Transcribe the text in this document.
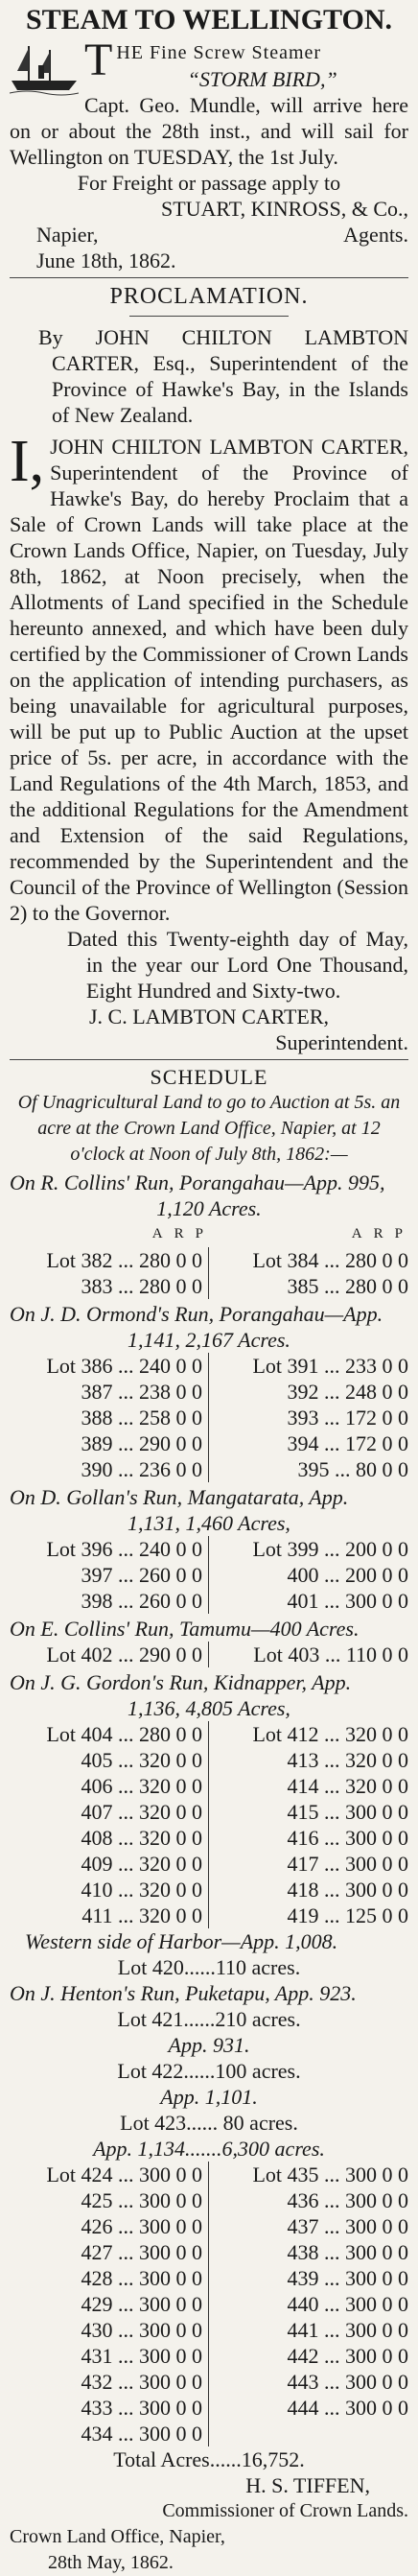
STEAM TO WELLINGTON.
T HE Fine Screw Steamer
“STORM BIRD,”

Capt. Geo. Mundle, will arrive here on or about the 28th inst., and will sail for Wellington on TUESDAY, the 1st July.

For Freight or passage apply to
STUART, KINROSS, & Co.,
Napier,	Agents.
June 18th, 1862.
PROCLAMATION.

By JOHN CHILTON LAMBTON CARTER, Esq., Superintendent of the Province of Hawke's Bay, in the Islands of New Zealand.

I, JOHN CHILTON LAMBTON CARTER, Superintendent of the Province of Hawke's Bay, do hereby Proclaim that a Sale of Crown Lands will take place at the Crown Lands Office, Napier, on Tuesday, July 8th, 1862, at Noon precisely, when the Allotments of Land specified in the Schedule hereunto annexed, and which have been duly certified by the Commissioner of Crown Lands on the application of intending purchasers, as being unavailable for agricultural purposes, will be put up to Public Auction at the upset price of 5s. per acre, in accordance with the Land Regulations of the 4th March, 1853, and the additional Regulations for the Amendment and Extension of the said Regulations, recommended by the Superintendent and the Council of the Province of Wellington (Session 2) to the Governor.

Dated this Twenty-eighth day of May, in the year our Lord One Thousand, Eight Hundred and Sixty-two.

J. C. LAMBTON CARTER,
Superintendent.
SCHEDULE
Of Unagricultural Land to go to Auction at 5s. an acre at the Crown Land Office, Napier, at 12 o'clock at Noon of July 8th, 1862:—
On R. Collins' Run, Porangahau—App. 995,
1,120 Acres.
A R P	A R P
Lot 382 ... 280 0 0 Lot 384 ... 280 0 0
383 ... 280 0 0	385 ... 280 0 0
On J. D. Ormond's Run, Porangahau—App.
1,141, 2,167 Acres.
Lot 386 ... 240 0 0 Lot 391 ... 233 0 0
387 ... 238 0 0	392 ... 248 0 0
388 ... 258 0 0	393 ... 172 0 0
389 ... 290 0 0	394 ... 172 0 0
390 ... 236 0 0	395 ... 80 0 0
On D. Gollan's Run, Mangatarata, App.
1,131, 1,460 Acres,
Lot 396 ... 240 0 0 Lot 399 ... 200 0 0
397 ... 260 0 0	400 ... 200 0 0
398 ... 260 0 0	401 ... 300 0 0
On E. Collins' Run, Tamumu—400 Acres.
Lot 402 ... 290 0 0 Lot 403 ... 110 0 0
On J. G. Gordon's Run, Kidnapper, App.
1,136, 4,805 Acres,
Lot 404 ... 280 0 0 Lot 412 ... 320 0 0
405 ... 320 0 0	413 ... 320 0 0
406 ... 320 0 0	414 ... 320 0 0
407 ... 320 0 0	415 ... 300 0 0
408 ... 320 0 0	416 ... 300 0 0
409 ... 320 0 0	417 ... 300 0 0
410 ... 320 0 0	418 ... 300 0 0
411 ... 320 0 0	419 ... 125 0 0
Western side of Harbor—App. 1,008.
Lot 420......110 acres.
On J. Henton's Run, Puketapu, App. 923.
Lot 421......210 acres.
App. 931.
Lot 422......100 acres.
App. 1,101.
Lot 423...... 80 acres.
App. 1,134.......6,300 acres.
Lot 424 ... 300 0 0 Lot 435 ... 300 0 0
425 ... 300 0 0	436 ... 300 0 0
426 ... 300 0 0	437 ... 300 0 0
427 ... 300 0 0	438 ... 300 0 0
428 ... 300 0 0	439 ... 300 0 0
429 ... 300 0 0	440 ... 300 0 0
430 ... 300 0 0	441 ... 300 0 0
431 ... 300 0 0	442 ... 300 0 0
432 ... 300 0 0	443 ... 300 0 0
433 ... 300 0 0	444 ... 300 0 0
434 ... 300 0 0
Total Acres......16,752.
H. S. TIFFEN,
Commissioner of Crown Lands.
Crown Land Office, Napier,
28th May, 1862.
